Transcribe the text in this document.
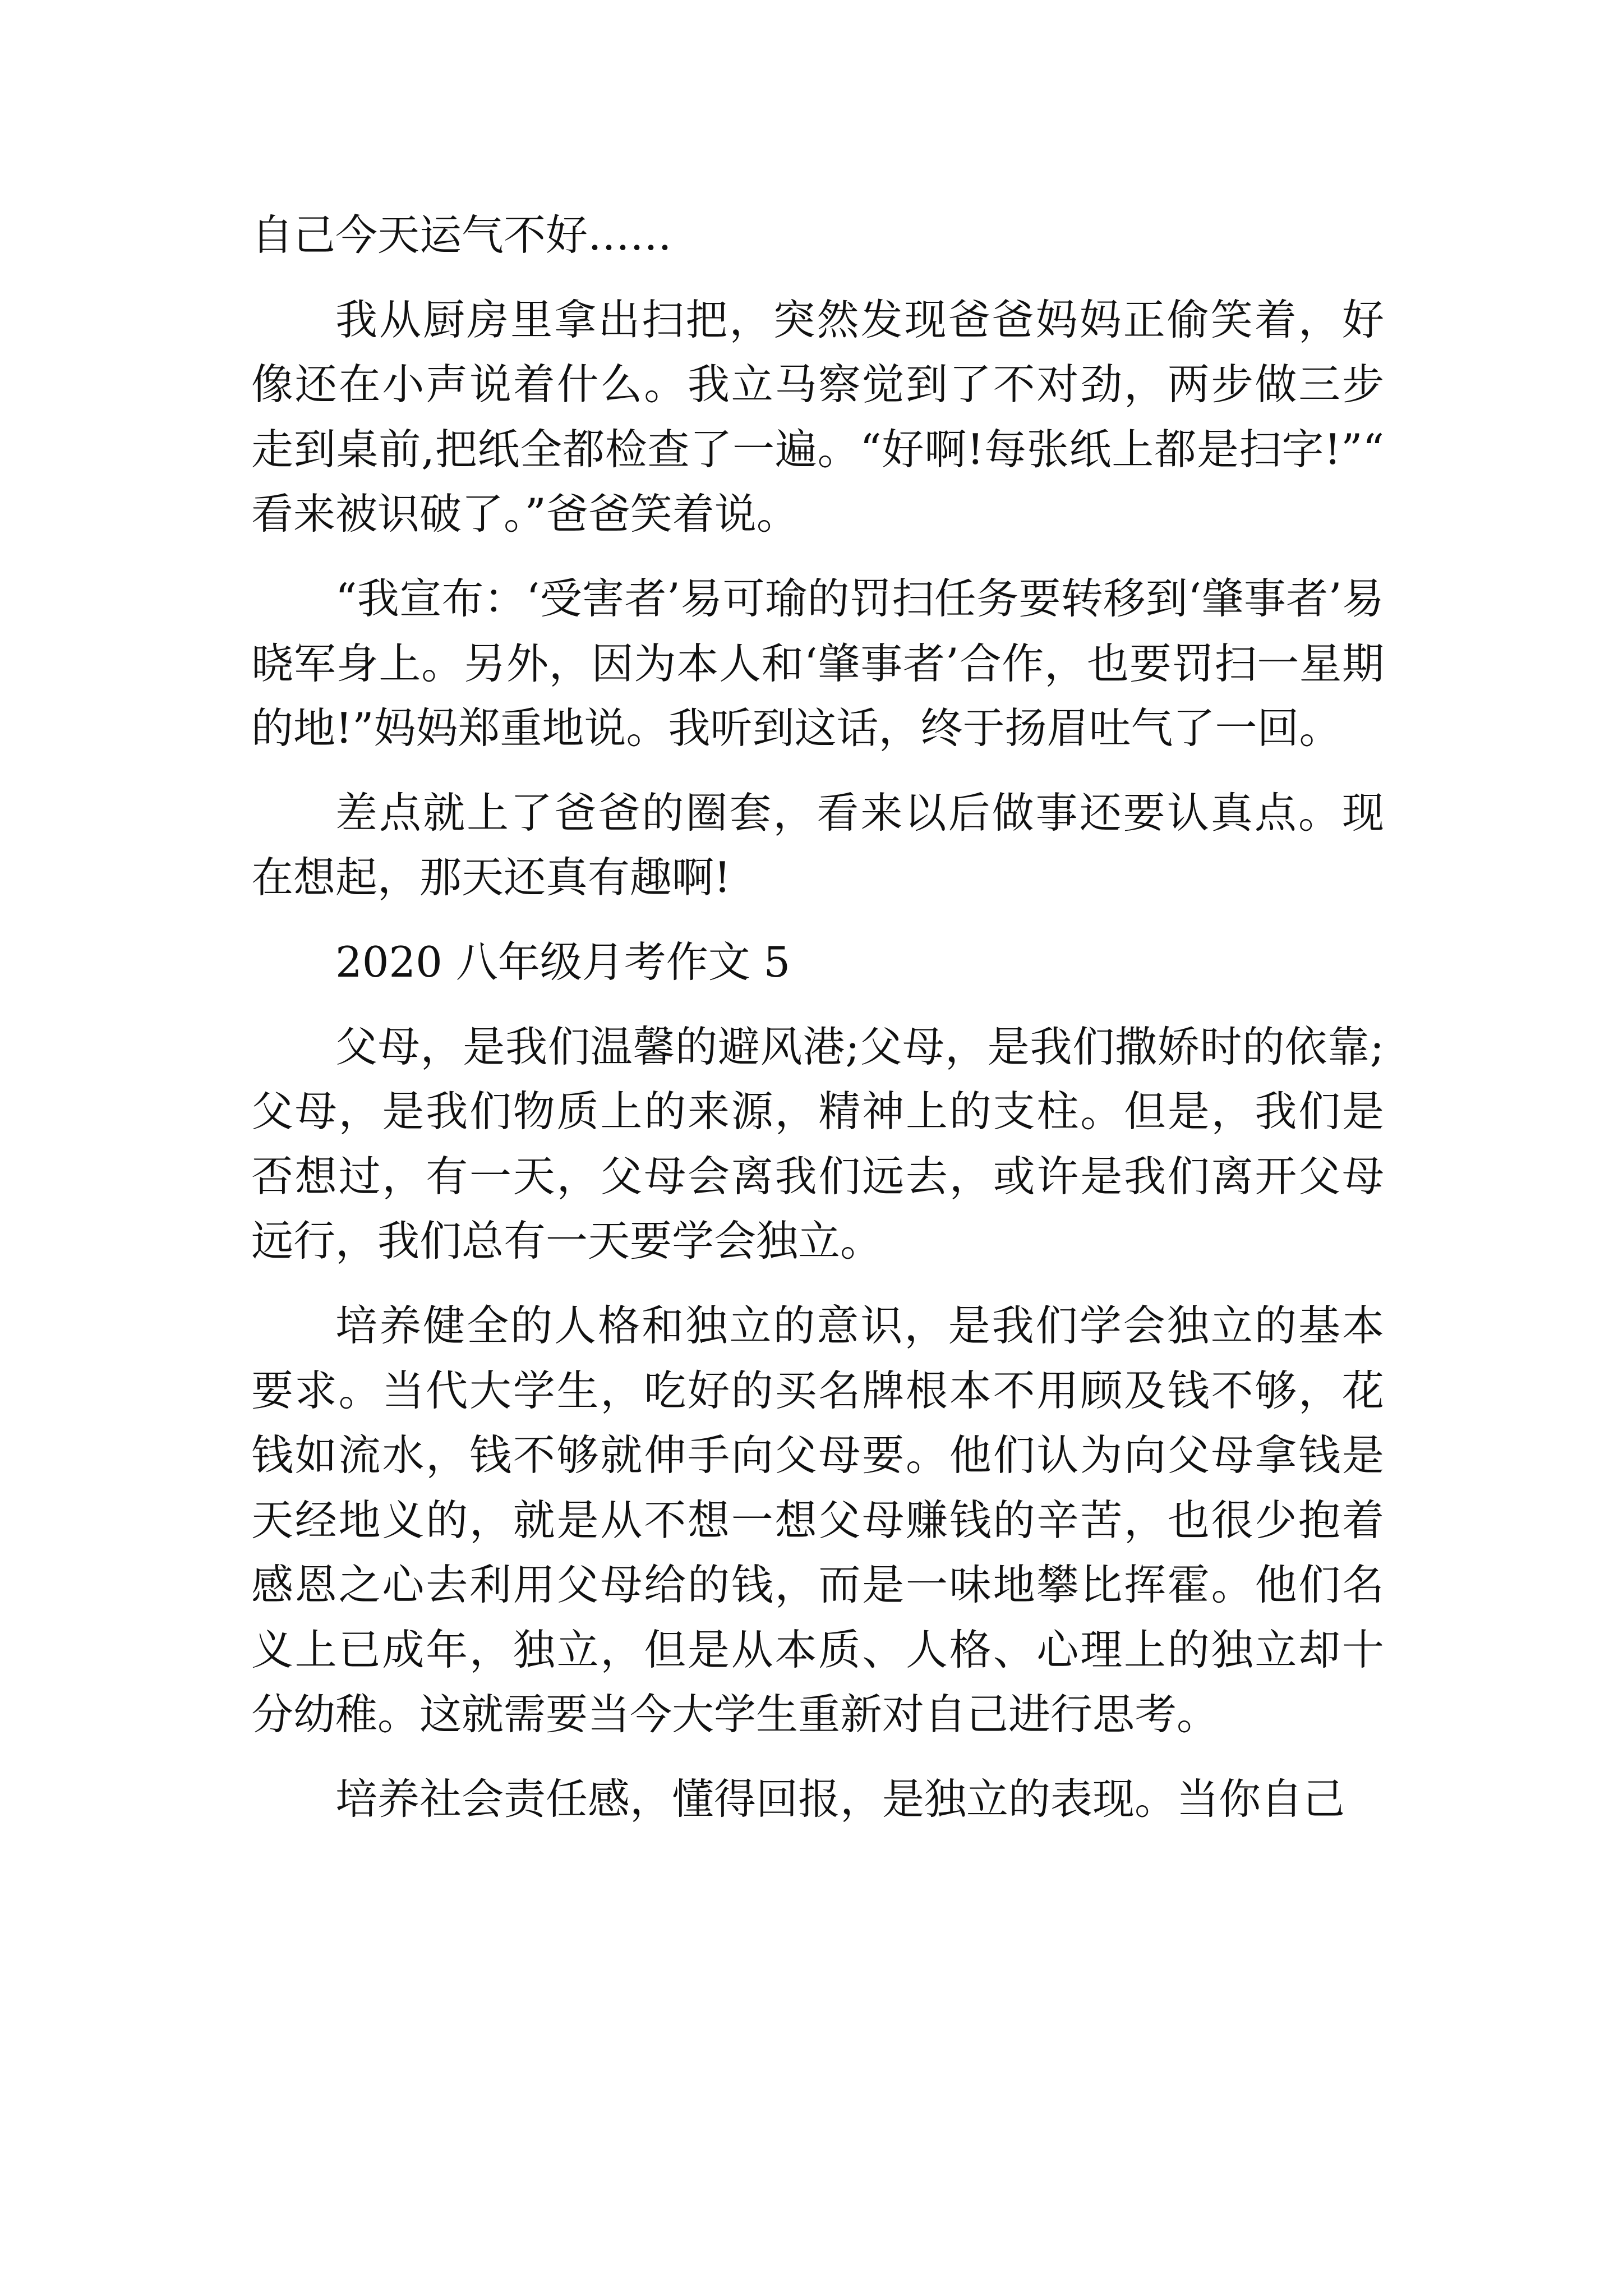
自己今天运气不好……

我从厨房里拿出扫把，突然发现爸爸妈妈正偷笑着，好像还在小声说着什么。我立马察觉到了不对劲，两步做三步走到桌前,把纸全都检查了一遍。“好啊!每张纸上都是扫字!”“看来被识破了。”爸爸笑着说。

“我宣布：‘受害者’易可瑜的罚扫任务要转移到‘肇事者’易晓军身上。另外，因为本人和‘肇事者’合作，也要罚扫一星期的地!”妈妈郑重地说。我听到这话，终于扬眉吐气了一回。

差点就上了爸爸的圈套，看来以后做事还要认真点。现在想起，那天还真有趣啊!

2020 八年级月考作文 5

父母，是我们温馨的避风港;父母，是我们撒娇时的依靠;父母，是我们物质上的来源，精神上的支柱。但是，我们是否想过，有一天，父母会离我们远去，或许是我们离开父母远行，我们总有一天要学会独立。

培养健全的人格和独立的意识，是我们学会独立的基本要求。当代大学生，吃好的买名牌根本不用顾及钱不够，花钱如流水，钱不够就伸手向父母要。他们认为向父母拿钱是天经地义的，就是从不想一想父母赚钱的辛苦，也很少抱着感恩之心去利用父母给的钱，而是一味地攀比挥霍。他们名义上已成年，独立，但是从本质、人格、心理上的独立却十分幼稚。这就需要当今大学生重新对自己进行思考。

培养社会责任感，懂得回报，是独立的表现。当你自己
